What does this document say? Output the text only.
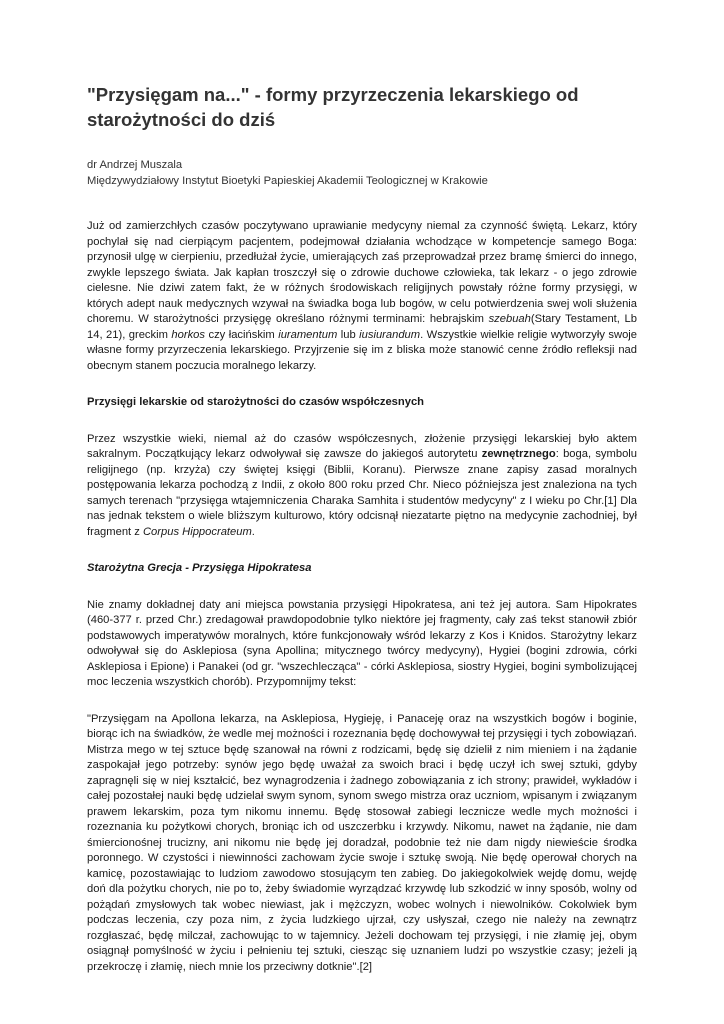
"Przysięgam na..." - formy przyrzeczenia lekarskiego od starożytności do dziś
dr Andrzej Muszala
Międzywydziałowy Instytut Bioetyki Papieskiej Akademii Teologicznej w Krakowie

Już od zamierzchłych czasów poczytywano uprawianie medycyny niemal za czynność świętą. Lekarz, który pochylał się nad cierpiącym pacjentem, podejmował działania wchodzące w kompetencje samego Boga: przynosił ulgę w cierpieniu, przedłużał życie, umierających zaś przeprowadzał przez bramę śmierci do innego, zwykle lepszego świata. Jak kapłan troszczył się o zdrowie duchowe człowieka, tak lekarz - o jego zdrowie cielesne. Nie dziwi zatem fakt, że w różnych środowiskach religijnych powstały różne formy przysięgi, w których adept nauk medycznych wzywał na świadka boga lub bogów, w celu potwierdzenia swej woli służenia choremu. W starożytności przysięgę określano różnymi terminami: hebrajskim szebuah(Stary Testament, Lb 14, 21), greckim horkos czy łacińskim iuramentum lub iusiurandum. Wszystkie wielkie religie wytworzyły swoje własne formy przyrzeczenia lekarskiego. Przyjrzenie się im z bliska może stanowić cenne źródło refleksji nad obecnym stanem poczucia moralnego lekarzy.

Przysięgi lekarskie od starożytności do czasów współczesnych

Przez wszystkie wieki, niemal aż do czasów współczesnych, złożenie przysięgi lekarskiej było aktem sakralnym. Początkujący lekarz odwoływał się zawsze do jakiegoś autorytetu zewnętrznego: boga, symbolu religijnego (np. krzyża) czy świętej księgi (Biblii, Koranu). Pierwsze znane zapisy zasad moralnych postępowania lekarza pochodzą z Indii, z około 800 roku przed Chr. Nieco późniejsza jest znaleziona na tych samych terenach "przysięga wtajemniczenia Charaka Samhita i studentów medycyny" z I wieku po Chr.[1] Dla nas jednak tekstem o wiele bliższym kulturowo, który odcisnął niezatarte piętno na medycynie zachodniej, był fragment z Corpus Hippocrateum.

Starożytna Grecja - Przysięga Hipokratesa

Nie znamy dokładnej daty ani miejsca powstania przysięgi Hipokratesa, ani też jej autora. Sam Hipokrates (460-377 r. przed Chr.) zredagował prawdopodobnie tylko niektóre jej fragmenty, cały zaś tekst stanowił zbiór podstawowych imperatywów moralnych, które funkcjonowały wśród lekarzy z Kos i Knidos. Starożytny lekarz odwoływał się do Asklepiosa (syna Apollina; mitycznego twórcy medycyny), Hygiei (bogini zdrowia, córki Asklepiosa i Epione) i Panakei (od gr. "wszechlecząca" - córki Asklepiosa, siostry Hygiei, bogini symbolizującej moc leczenia wszystkich chorób). Przypomnijmy tekst:

"Przysięgam na Apollona lekarza, na Asklepiosa, Hygieję, i Panaceję oraz na wszystkich bogów i boginie, biorąc ich na świadków, że wedle mej możności i rozeznania będę dochowywał tej przysięgi i tych zobowiązań. Mistrza mego w tej sztuce będę szanował na równi z rodzicami, będę się dzielił z nim mieniem i na żądanie zaspokajał jego potrzeby: synów jego będę uważał za swoich braci i będę uczył ich swej sztuki, gdyby zapragnęli się w niej kształcić, bez wynagrodzenia i żadnego zobowiązania z ich strony; prawideł, wykładów i całej pozostałej nauki będę udzielał swym synom, synom swego mistrza oraz uczniom, wpisanym i związanym prawem lekarskim, poza tym nikomu innemu. Będę stosował zabiegi lecznicze wedle mych możności i rozeznania ku pożytkowi chorych, broniąc ich od uszczerbku i krzywdy. Nikomu, nawet na żądanie, nie dam śmiercionośnej trucizny, ani nikomu nie będę jej doradzał, podobnie też nie dam nigdy niewieście środka poronnego. W czystości i niewinności zachowam życie swoje i sztukę swoją. Nie będę operował chorych na kamicę, pozostawiając to ludziom zawodowo stosującym ten zabieg. Do jakiegokolwiek wejdę domu, wejdę doń dla pożytku chorych, nie po to, żeby świadomie wyrządzać krzywdę lub szkodzić w inny sposób, wolny od pożądań zmysłowych tak wobec niewiast, jak i mężczyzn, wobec wolnych i niewolników. Cokolwiek bym podczas leczenia, czy poza nim, z życia ludzkiego ujrzał, czy usłyszał, czego nie należy na zewnątrz rozgłaszać, będę milczał, zachowując to w tajemnicy. Jeżeli dochowam tej przysięgi, i nie złamię jej, obym osiągnął pomyślność w życiu i pełnieniu tej sztuki, ciesząc się uznaniem ludzi po wszystkie czasy; jeżeli ją przekroczę i złamię, niech mnie los przeciwny dotknie".[2]
